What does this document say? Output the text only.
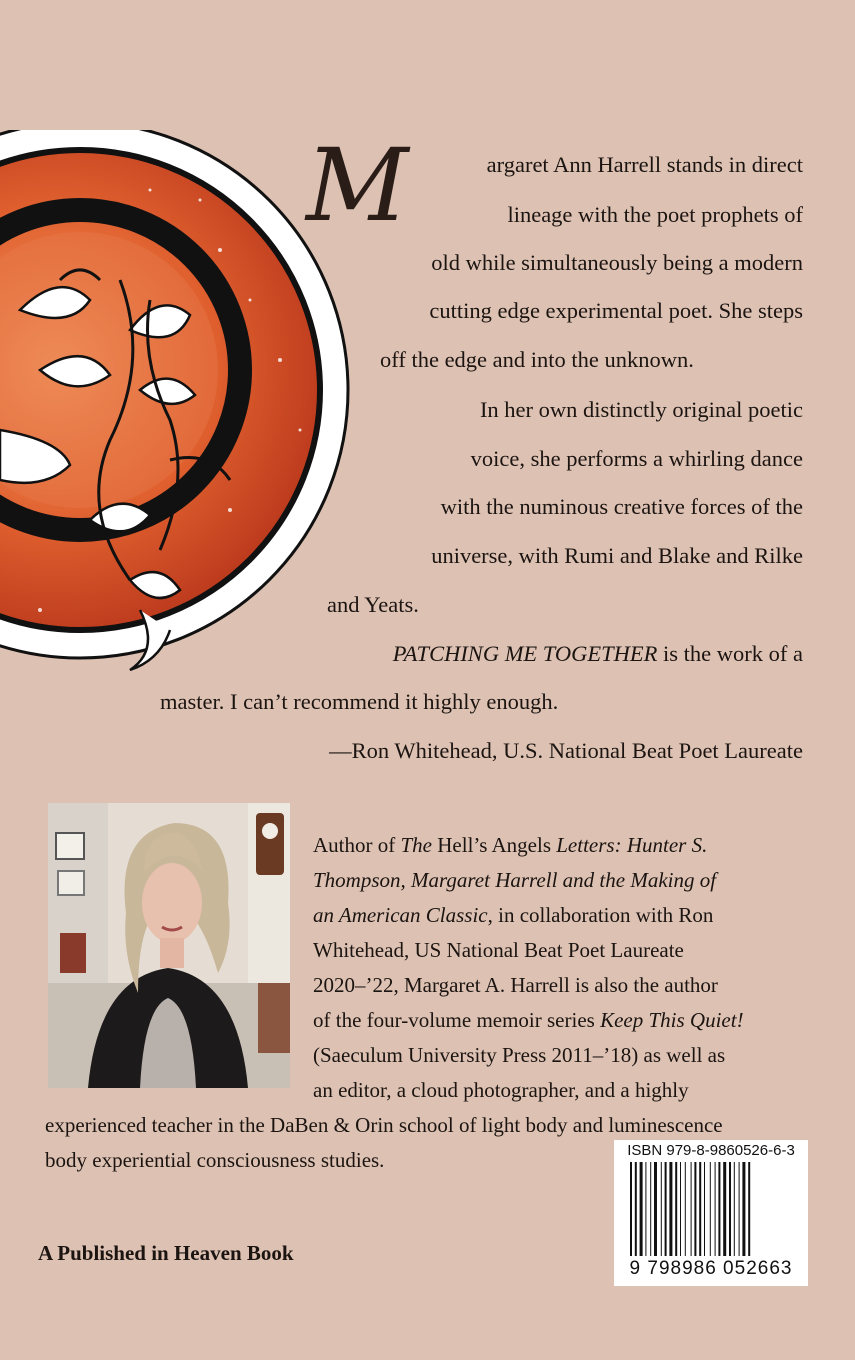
M	argaret Ann Harrell stands in direct
lineage with the poet prophets of
old while simultaneously being a modern
cutting edge experimental poet. She steps
off the edge and into the unknown.
In her own distinctly original poetic
voice, she performs a whirling dance
with the numinous creative forces of the
universe, with Rumi and Blake and Rilke
and Yeats.
PATCHING ME TOGETHER is the work of a
master. I can’t recommend it highly enough.
—Ron Whitehead, U.S. National Beat Poet Laureate
Author of The Hell’s Angels Letters: Hunter S.
Thompson, Margaret Harrell and the Making of
an American Classic, in collaboration with Ron
Whitehead, US National Beat Poet Laureate
2020–’22, Margaret A. Harrell is also the author
of the four-volume memoir series Keep This Quiet!
(Saeculum University Press 2011–’18) as well as
an editor, a cloud photographer, and a highly
experienced teacher in the DaBen & Orin school of light body and luminescence
body experiential consciousness studies.
A Published in Heaven Book
ISBN 979-8-9860526-6-3
9 798986 052663
